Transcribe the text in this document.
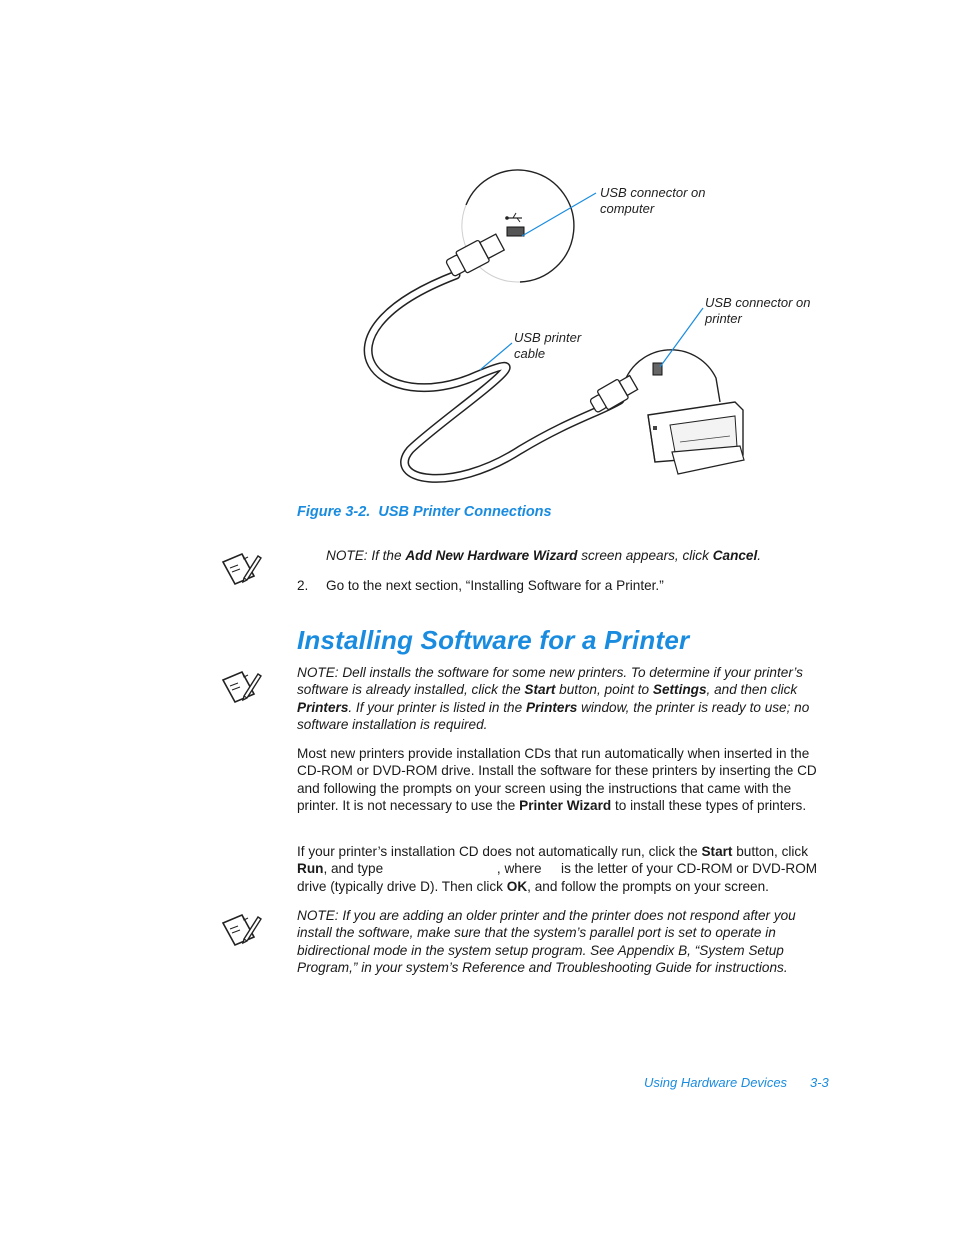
USB connector on computer
USB connector on printer
USB printer cable
Figure 3-2.  USB Printer Connections
NOTE: If the Add New Hardware Wizard screen appears, click Cancel.
2. Go to the next section, “Installing Software for a Printer.”
Installing Software for a Printer
NOTE: Dell installs the software for some new printers. To determine if your printer’s software is already installed, click the Start button, point to Settings, and then click Printers. If your printer is listed in the Printers window, the printer is ready to use; no software installation is required.
Most new printers provide installation CDs that run automatically when inserted in the CD-ROM or DVD-ROM drive. Install the software for these printers by inserting the CD and following the prompts on your screen using the instructions that came with the printer. It is not necessary to use the Printer Wizard to install these types of printers.
If your printer’s installation CD does not automatically run, click the Start button, click Run, and type	, where  is the letter of your CD-ROM or DVD-ROM drive (typically drive D). Then click OK, and follow the prompts on your screen.
NOTE: If you are adding an older printer and the printer does not respond after you install the software, make sure that the system’s parallel port is set to operate in bidirectional mode in the system setup program. See Appendix B, “System Setup Program,” in your system’s Reference and Troubleshooting Guide for instructions.
Using Hardware Devices 3-3
